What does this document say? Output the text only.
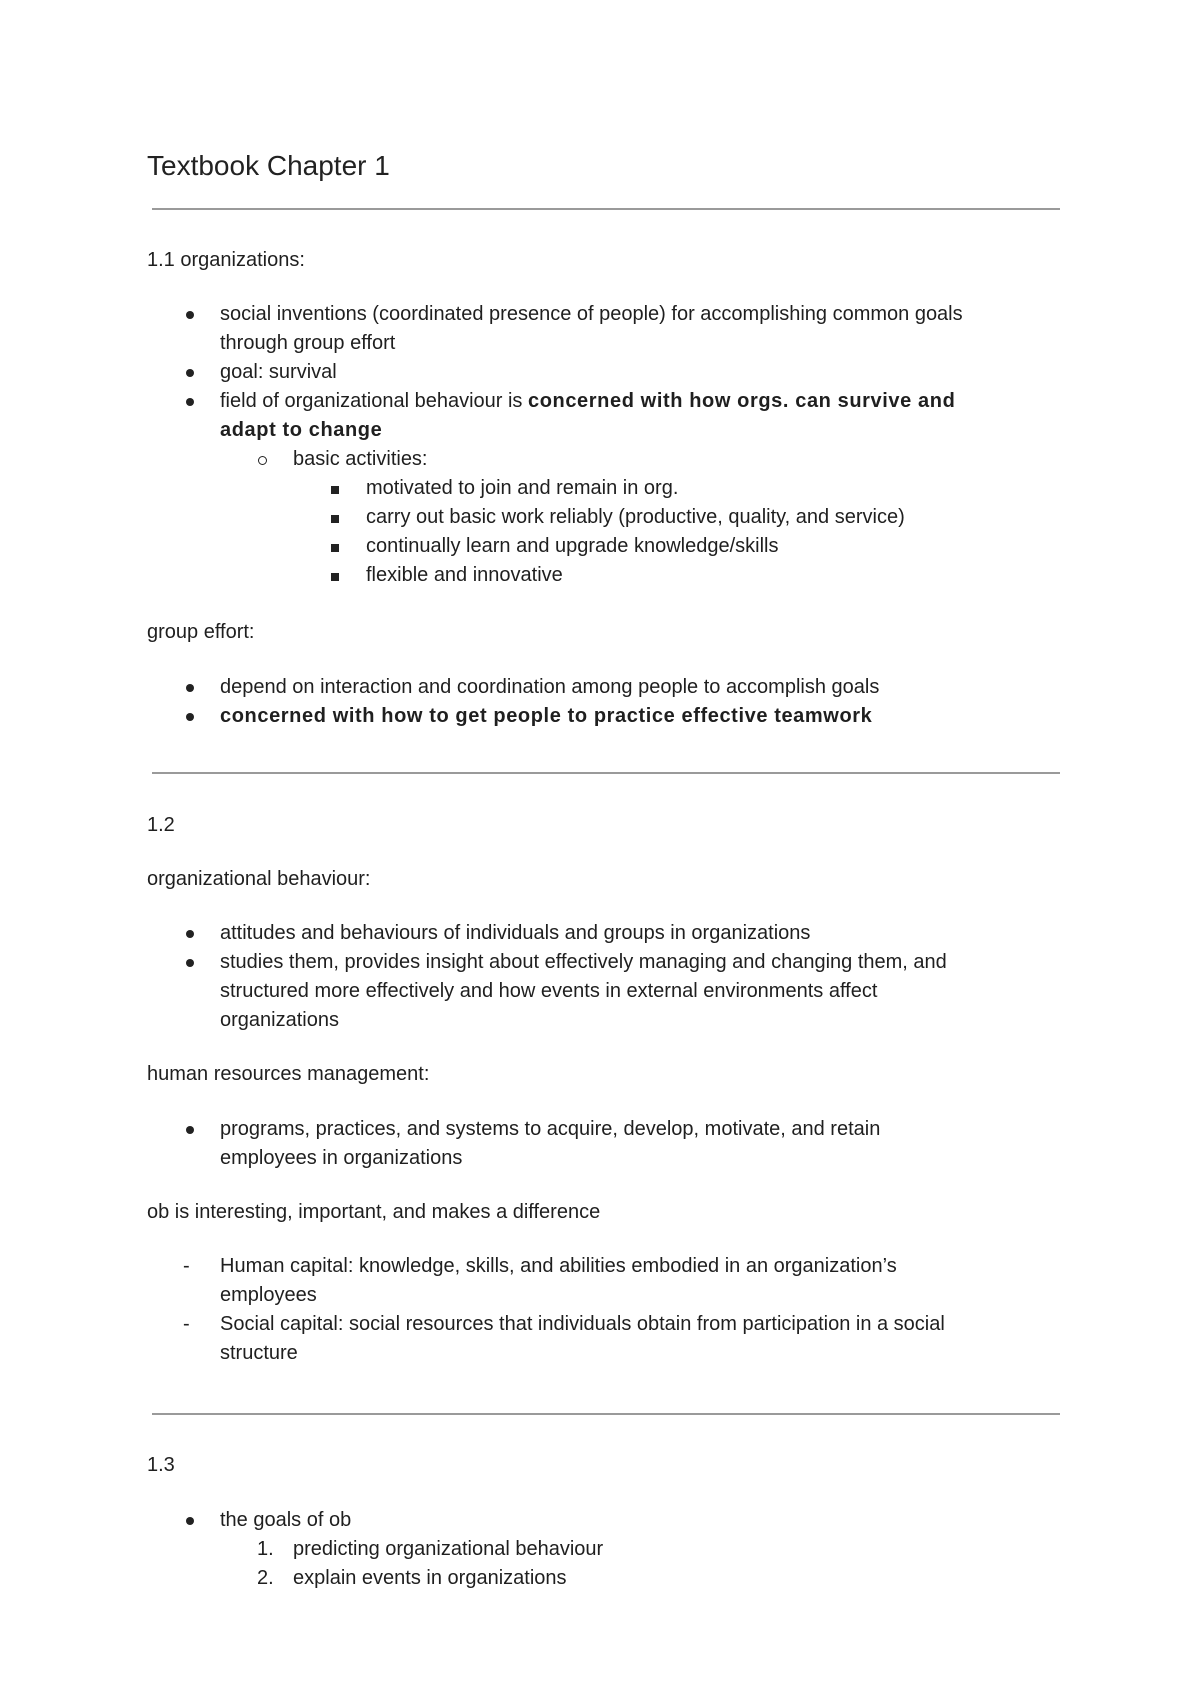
Textbook Chapter 1
1.1 organizations:
social inventions (coordinated presence of people) for accomplishing common goals
through group effort
goal: survival
field of organizational behaviour is concerned with how orgs. can survive and
adapt to change
basic activities:
motivated to join and remain in org.
carry out basic work reliably (productive, quality, and service)
continually learn and upgrade knowledge/skills
flexible and innovative
group effort:
depend on interaction and coordination among people to accomplish goals
concerned with how to get people to practice effective teamwork
1.2
organizational behaviour:
attitudes and behaviours of individuals and groups in organizations
studies them, provides insight about effectively managing and changing them, and
structured more effectively and how events in external environments affect
organizations
human resources management:
programs, practices, and systems to acquire, develop, motivate, and retain
employees in organizations
ob is interesting, important, and makes a difference
- Human capital: knowledge, skills, and abilities embodied in an organization’s
employees
- Social capital: social resources that individuals obtain from participation in a social
structure
1.3
the goals of ob
1. predicting organizational behaviour
2. explain events in organizations
